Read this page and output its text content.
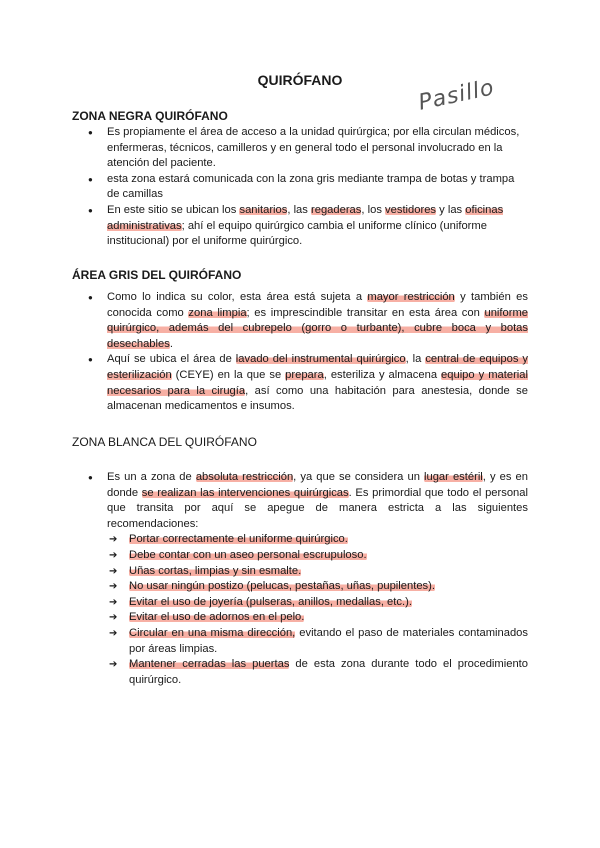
QUIRÓFANO	Pasillo
ZONA NEGRA QUIRÓFANO
● Es propiamente el área de acceso a la unidad quirúrgica; por ella circulan médicos, enfermeras, técnicos, camilleros y en general todo el personal involucrado en la atención del paciente.
● esta zona estará comunicada con la zona gris mediante trampa de botas y trampa de camillas
● En este sitio se ubican los sanitarios, las regaderas, los vestidores y las oficinas administrativas; ahí el equipo quirúrgico cambia el uniforme clínico (uniforme institucional) por el uniforme quirúrgico.
ÁREA GRIS DEL QUIRÓFANO
● Como lo indica su color, esta área está sujeta a mayor restricción y también es conocida como zona limpia; es imprescindible transitar en esta área con uniforme quirúrgico, además del cubrepelo (gorro o turbante), cubre boca y botas desechables.
● Aquí se ubica el área de lavado del instrumental quirúrgico, la central de equipos y esterilización (CEYE) en la que se prepara, esteriliza y almacena equipo y material necesarios para la cirugía, así como una habitación para anestesia, donde se almacenan medicamentos e insumos.
ZONA BLANCA DEL QUIRÓFANO
● Es un a zona de absoluta restricción, ya que se considera un lugar estéril, y es en donde se realizan las intervenciones quirúrgicas. Es primordial que todo el personal que transita por aquí se apegue de manera estricta a las siguientes recomendaciones:
➔ Portar correctamente el uniforme quirúrgico.
➔ Debe contar con un aseo personal escrupuloso.
➔ Uñas cortas, limpias y sin esmalte.
➔ No usar ningún postizo (pelucas, pestañas, uñas, pupilentes).
➔ Evitar el uso de joyería (pulseras, anillos, medallas, etc.).
➔ Evitar el uso de adornos en el pelo.
➔ Circular en una misma dirección, evitando el paso de materiales contaminados por áreas limpias.
➔ Mantener cerradas las puertas de esta zona durante todo el procedimiento quirúrgico.
